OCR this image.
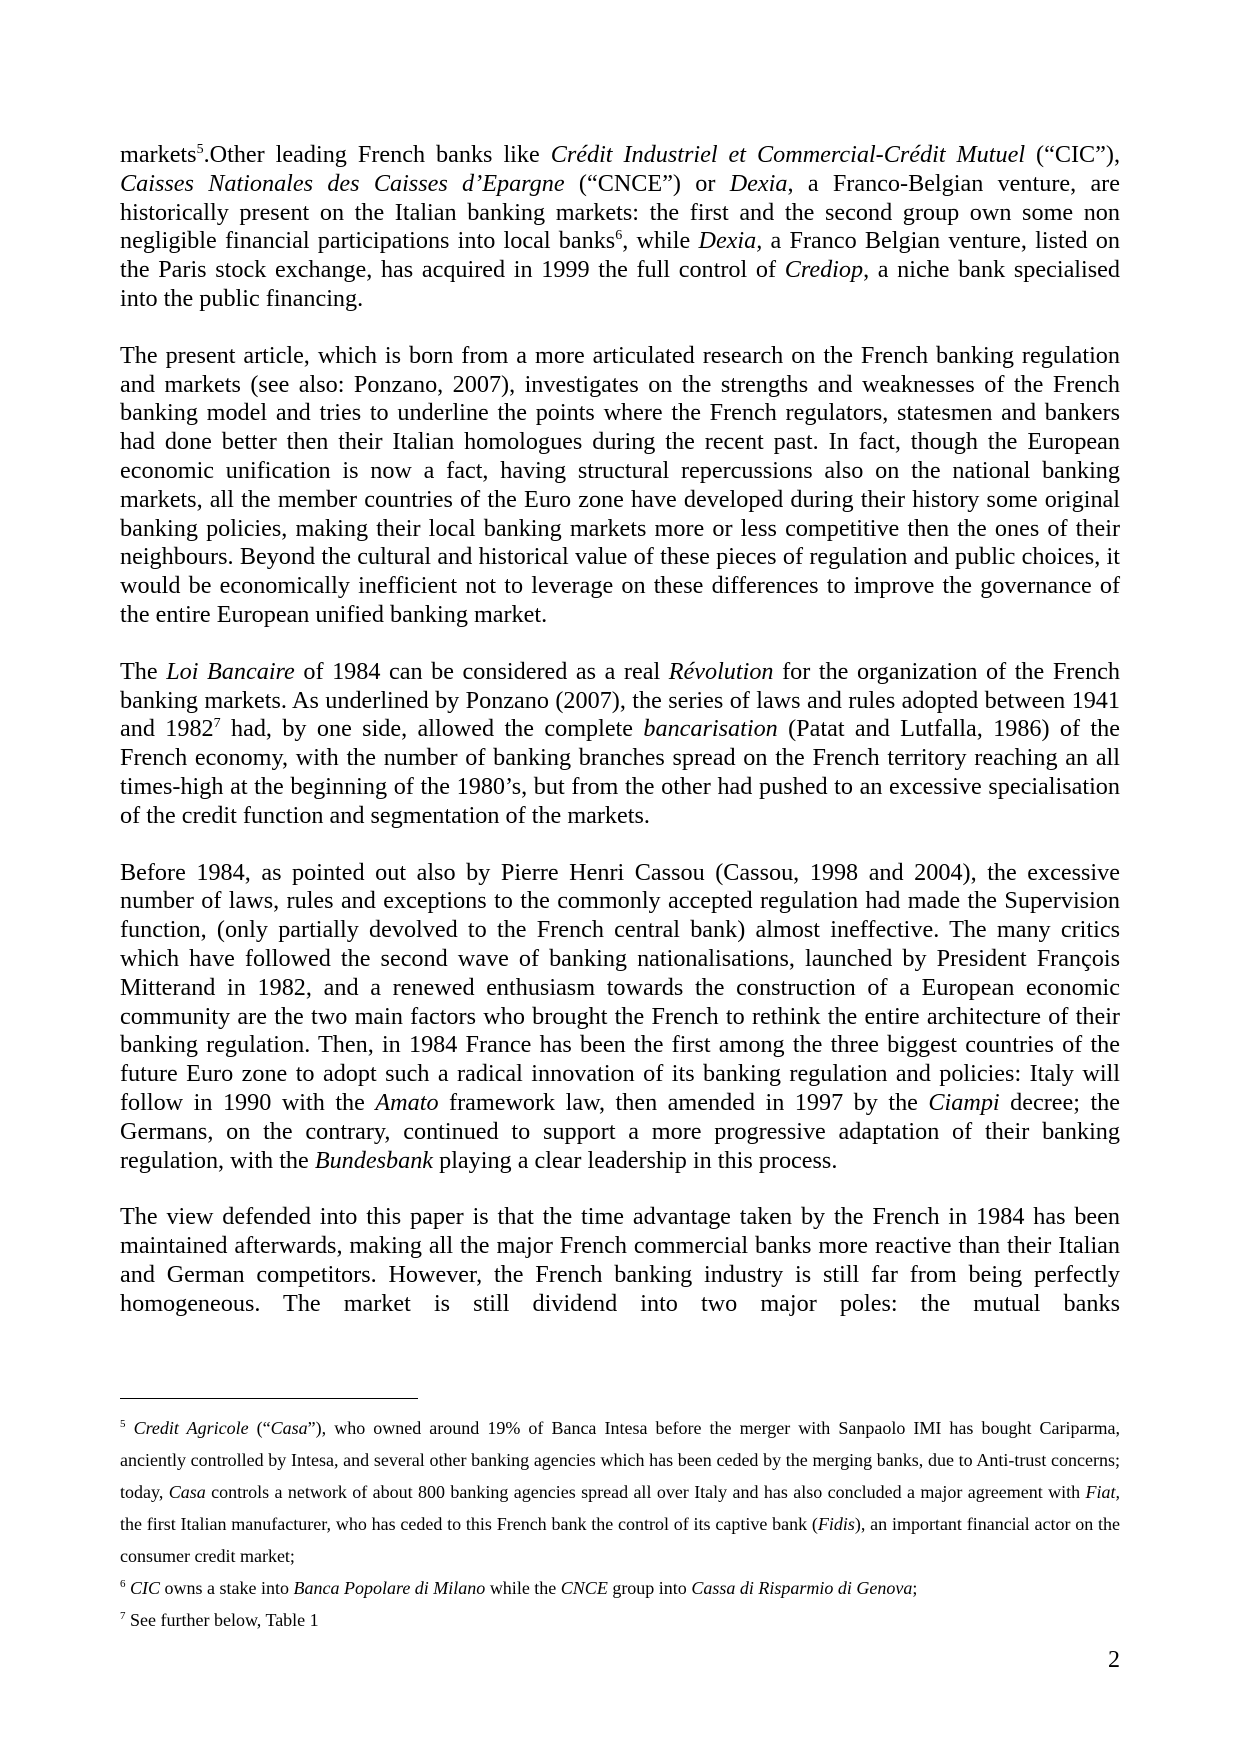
markets$^5$.Other leading French banks like Crédit Industriel et Commercial-Crédit Mutuel (“CIC”), Caisses Nationales des Caisses d’Epargne (“CNCE”) or Dexia, a Franco-Belgian venture, are historically present on the Italian banking markets: the first and the second group own some non negligible financial participations into local banks$^6$, while Dexia, a Franco Belgian venture, listed on the Paris stock exchange, has acquired in 1999 the full control of Crediop, a niche bank specialised into the public financing.

The present article, which is born from a more articulated research on the French banking regulation and markets (see also: Ponzano, 2007), investigates on the strengths and weaknesses of the French banking model and tries to underline the points where the French regulators, statesmen and bankers had done better then their Italian homologues during the recent past. In fact, though the European economic unification is now a fact, having structural repercussions also on the national banking markets, all the member countries of the Euro zone have developed during their history some original banking policies, making their local banking markets more or less competitive then the ones of their neighbours. Beyond the cultural and historical value of these pieces of regulation and public choices, it would be economically inefficient not to leverage on these differences to improve the governance of the entire European unified banking market.

The Loi Bancaire of 1984 can be considered as a real Révolution for the organization of the French banking markets. As underlined by Ponzano (2007), the series of laws and rules adopted between 1941 and 1982$^7$ had, by one side, allowed the complete bancarisation (Patat and Lutfalla, 1986) of the French economy, with the number of banking branches spread on the French territory reaching an all times-high at the beginning of the 1980’s, but from the other had pushed to an excessive specialisation of the credit function and segmentation of the markets.

Before 1984, as pointed out also by Pierre Henri Cassou (Cassou, 1998 and 2004), the excessive number of laws, rules and exceptions to the commonly accepted regulation had made the Supervision function, (only partially devolved to the French central bank) almost ineffective. The many critics which have followed the second wave of banking nationalisations, launched by President François Mitterand in 1982, and a renewed enthusiasm towards the construction of a European economic community are the two main factors who brought the French to rethink the entire architecture of their banking regulation. Then, in 1984 France has been the first among the three biggest countries of the future Euro zone to adopt such a radical innovation of its banking regulation and policies: Italy will follow in 1990 with the Amato framework law, then amended in 1997 by the Ciampi decree; the Germans, on the contrary, continued to support a more progressive adaptation of their banking regulation, with the Bundesbank playing a clear leadership in this process.

The view defended into this paper is that the time advantage taken by the French in 1984 has been maintained afterwards, making all the major French commercial banks more reactive than their Italian and German competitors. However, the French banking industry is still far from being perfectly homogeneous. The market is still dividend into two major poles: the mutual banks

$^5$ Credit Agricole (“Casa”), who owned around 19% of Banca Intesa before the merger with Sanpaolo IMI has bought Cariparma, anciently controlled by Intesa, and several other banking agencies which has been ceded by the merging banks, due to Anti-trust concerns; today, Casa controls a network of about 800 banking agencies spread all over Italy and has also concluded a major agreement with Fiat, the first Italian manufacturer, who has ceded to this French bank the control of its captive bank (Fidis), an important financial actor on the consumer credit market;

$^6$ CIC owns a stake into Banca Popolare di Milano while the CNCE group into Cassa di Risparmio di Genova;

$^7$ See further below, Table 1

2
